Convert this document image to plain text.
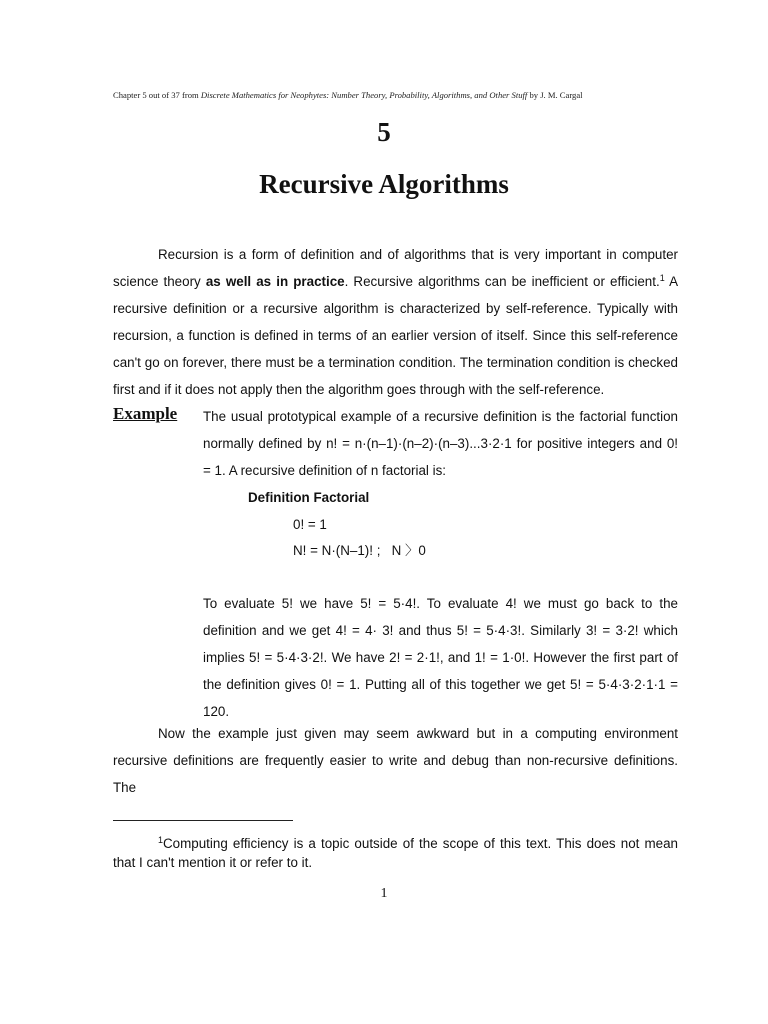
Chapter 5 out of 37 from Discrete Mathematics for Neophytes: Number Theory, Probability, Algorithms, and Other Stuff by J. M. Cargal
5
Recursive Algorithms
Recursion is a form of definition and of algorithms that is very important in computer science theory as well as in practice. Recursive algorithms can be inefficient or efficient.$^1$ A recursive definition or a recursive algorithm is characterized by self-reference. Typically with recursion, a function is defined in terms of an earlier version of itself. Since this self-reference can't go on forever, there must be a termination condition. The termination condition is checked first and if it does not apply then the algorithm goes through with the self-reference.
Example The usual prototypical example of a recursive definition is the factorial function normally defined by n! = n·(n–1)·(n–2)·(n–3)...3·2·1 for positive integers and 0! = 1. A recursive definition of n factorial is:
Definition Factorial
0! = 1
N! = N·(N–1)! ;   N 〉0
To evaluate 5! we have 5! = 5·4!. To evaluate 4! we must go back to the definition and we get 4! = 4· 3! and thus 5! = 5·4·3!. Similarly 3! = 3·2! which implies 5! = 5·4·3·2!. We have 2! = 2·1!, and 1! = 1·0!. However the first part of the definition gives 0! = 1. Putting all of this together we get 5! = 5·4·3·2·1·1 = 120.
Now the example just given may seem awkward but in a computing environment recursive definitions are frequently easier to write and debug than non-recursive definitions. The
$^1$Computing efficiency is a topic outside of the scope of this text. This does not mean that I can't mention it or refer to it.
1
